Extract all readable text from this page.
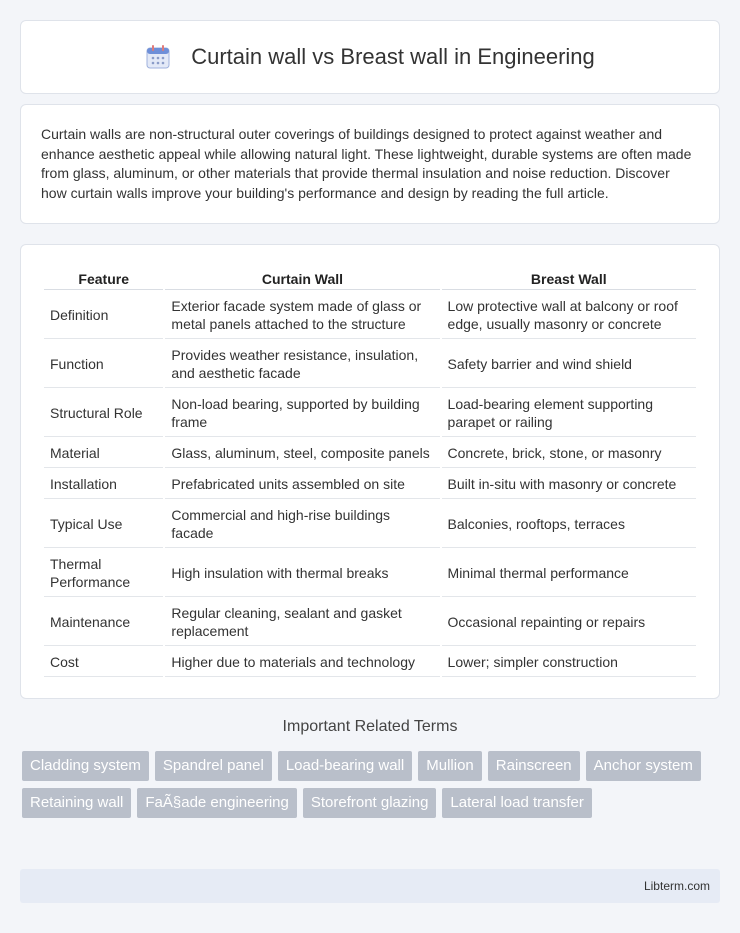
Curtain wall vs Breast wall in Engineering

Curtain walls are non-structural outer coverings of buildings designed to protect against weather and enhance aesthetic appeal while allowing natural light. These lightweight, durable systems are often made from glass, aluminum, or other materials that provide thermal insulation and noise reduction. Discover how curtain walls improve your building's performance and design by reading the full article.

Feature	Curtain Wall	Breast Wall
Definition	Exterior facade system made of glass or metal panels attached to the structure	Low protective wall at balcony or roof edge, usually masonry or concrete
Function	Provides weather resistance, insulation, and aesthetic facade	Safety barrier and wind shield
Structural Role	Non-load bearing, supported by building frame	Load-bearing element supporting parapet or railing
Material	Glass, aluminum, steel, composite panels	Concrete, brick, stone, or masonry
Installation	Prefabricated units assembled on site	Built in-situ with masonry or concrete
Typical Use	Commercial and high-rise buildings facade	Balconies, rooftops, terraces
Thermal Performance	High insulation with thermal breaks	Minimal thermal performance
Maintenance	Regular cleaning, sealant and gasket replacement	Occasional repainting or repairs
Cost	Higher due to materials and technology	Lower; simpler construction
Important Related Terms
Cladding system	Spandrel panel	Load-bearing wall	Mullion	Rainscreen	Anchor system
Retaining wall	FaÃ§ade engineering	Storefront glazing	Lateral load transfer
Libterm.com
